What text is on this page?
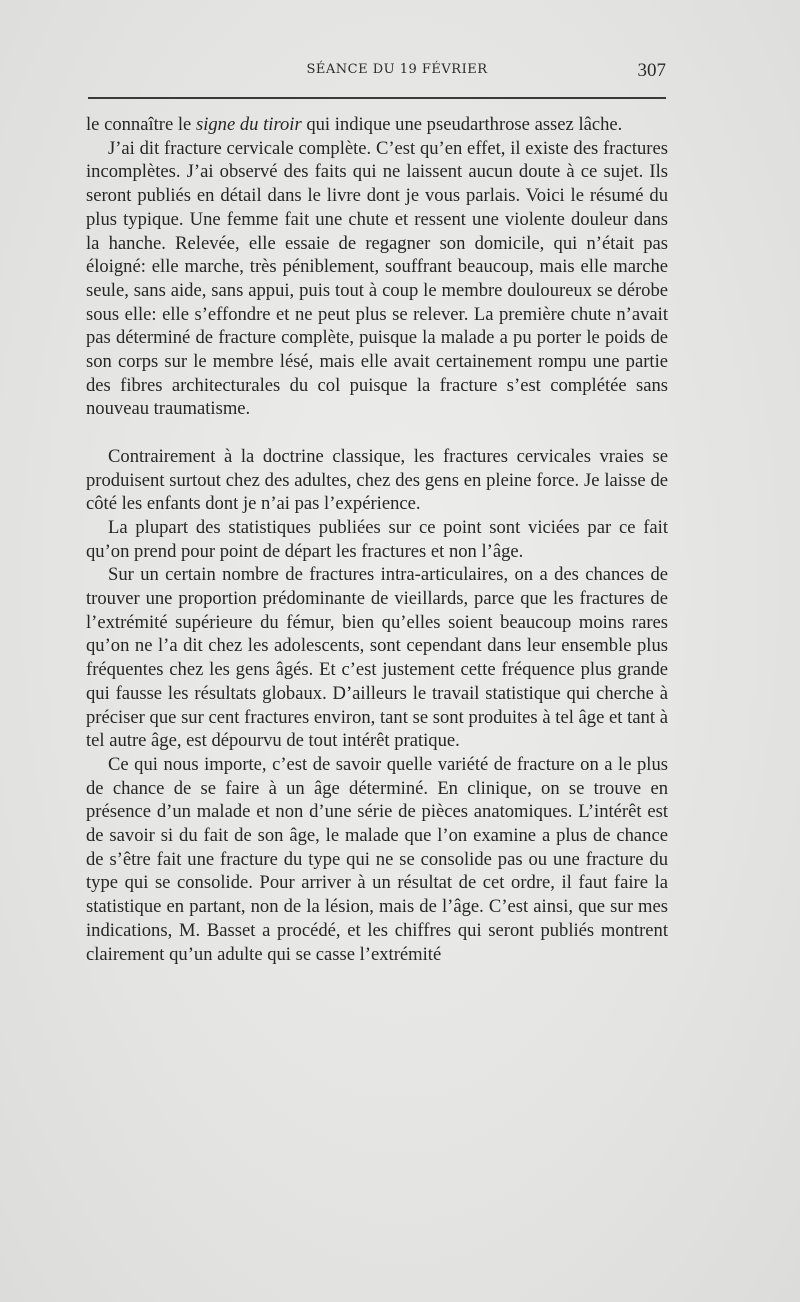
SÉANCE DU 19 FÉVRIER	307

le connaître le signe du tiroir qui indique une pseudarthrose assez lâche.

J’ai dit fracture cervicale complète. C’est qu’en effet, il existe des fractures incomplètes. J’ai observé des faits qui ne laissent aucun doute à ce sujet. Ils seront publiés en détail dans le livre dont je vous parlais. Voici le résumé du plus typique. Une femme fait une chute et ressent une violente douleur dans la hanche. Relevée, elle essaie de regagner son domicile, qui n’était pas éloigné: elle marche, très péniblement, souffrant beaucoup, mais elle marche seule, sans aide, sans appui, puis tout à coup le membre douloureux se dérobe sous elle: elle s’effondre et ne peut plus se relever. La première chute n’avait pas déterminé de fracture complète, puisque la malade a pu porter le poids de son corps sur le membre lésé, mais elle avait certainement rompu une partie des fibres architecturales du col puisque la fracture s’est complétée sans nouveau traumatisme.

Contrairement à la doctrine classique, les fractures cervicales vraies se produisent surtout chez des adultes, chez des gens en pleine force. Je laisse de côté les enfants dont je n’ai pas l’expérience.

La plupart des statistiques publiées sur ce point sont viciées par ce fait qu’on prend pour point de départ les fractures et non l’âge.

Sur un certain nombre de fractures intra-articulaires, on a des chances de trouver une proportion prédominante de vieillards, parce que les fractures de l’extrémité supérieure du fémur, bien qu’elles soient beaucoup moins rares qu’on ne l’a dit chez les adolescents, sont cependant dans leur ensemble plus fréquentes chez les gens âgés. Et c’est justement cette fréquence plus grande qui fausse les résultats globaux. D’ailleurs le travail statistique qui cherche à préciser que sur cent fractures environ, tant se sont produites à tel âge et tant à tel autre âge, est dépourvu de tout intérêt pratique.

Ce qui nous importe, c’est de savoir quelle variété de fracture on a le plus de chance de se faire à un âge déterminé. En clinique, on se trouve en présence d’un malade et non d’une série de pièces anatomiques. L’intérêt est de savoir si du fait de son âge, le malade que l’on examine a plus de chance de s’être fait une fracture du type qui ne se consolide pas ou une fracture du type qui se consolide. Pour arriver à un résultat de cet ordre, il faut faire la statistique en partant, non de la lésion, mais de l’âge. C’est ainsi, que sur mes indications, M. Basset a procédé, et les chiffres qui seront publiés montrent clairement qu’un adulte qui se casse l’extrémité
